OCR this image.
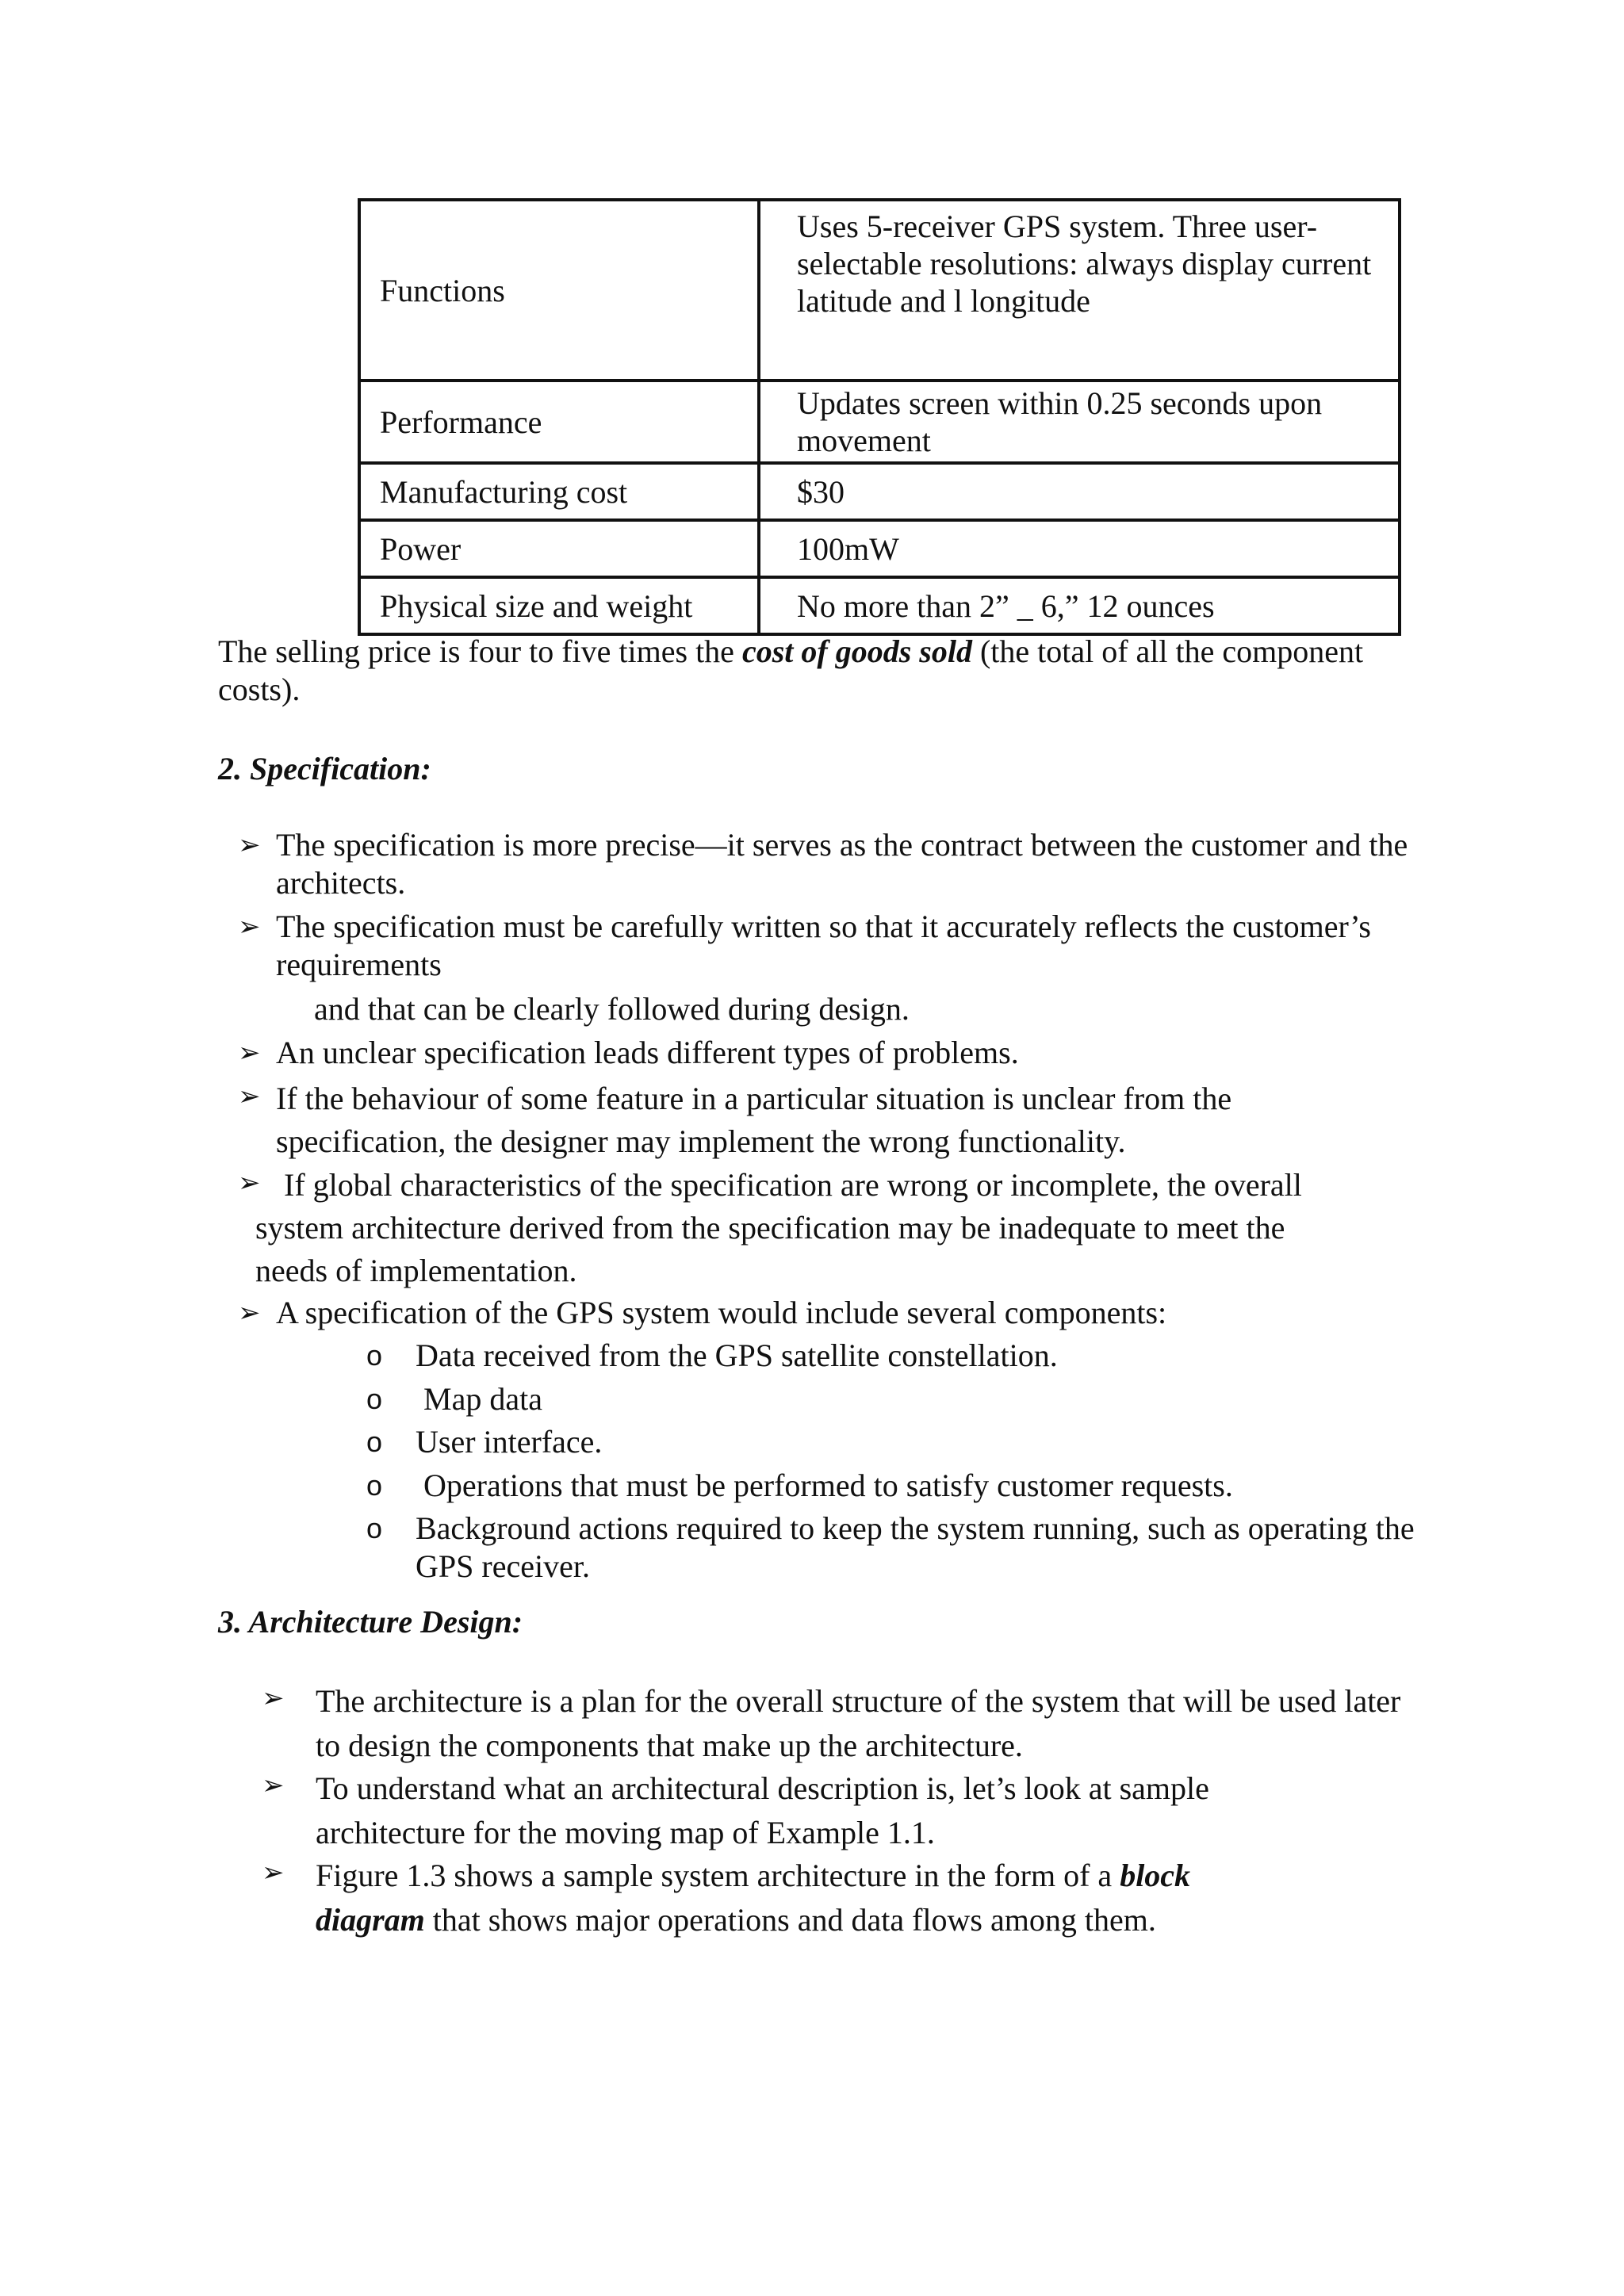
Functions	Uses 5-receiver GPS system. Three user-selectable resolutions: always display current latitude and l longitude
Performance	Updates screen within 0.25 seconds upon movement
Manufacturing cost	$30
Power	100mW
Physical size and weight	No more than 2” _ 6,” 12 ounces
The selling price is four to five times the cost of goods sold (the total of all the component costs).
2. Specification:
➢ The specification is more precise—it serves as the contract between the customer and the architects.
➢ The specification must be carefully written so that it accurately reflects the customer’s requirements
and that can be clearly followed during design.
➢ An unclear specification leads different types of problems.
➢ If the behaviour of some feature in a particular situation is unclear from the specification, the designer may implement the wrong functionality.
➢ If global characteristics of the specification are wrong or incomplete, the overall system architecture derived from the specification may be inadequate to meet the needs of implementation.
➢ A specification of the GPS system would include several components:
o Data received from the GPS satellite constellation.
o Map data
o User interface.
o Operations that must be performed to satisfy customer requests.
o Background actions required to keep the system running, such as operating the GPS receiver.
3. Architecture Design:
➢ The architecture is a plan for the overall structure of the system that will be used later to design the components that make up the architecture.
➢ To understand what an architectural description is, let’s look at sample architecture for the moving map of Example 1.1.
➢ Figure 1.3 shows a sample system architecture in the form of a block diagram that shows major operations and data flows among them.
